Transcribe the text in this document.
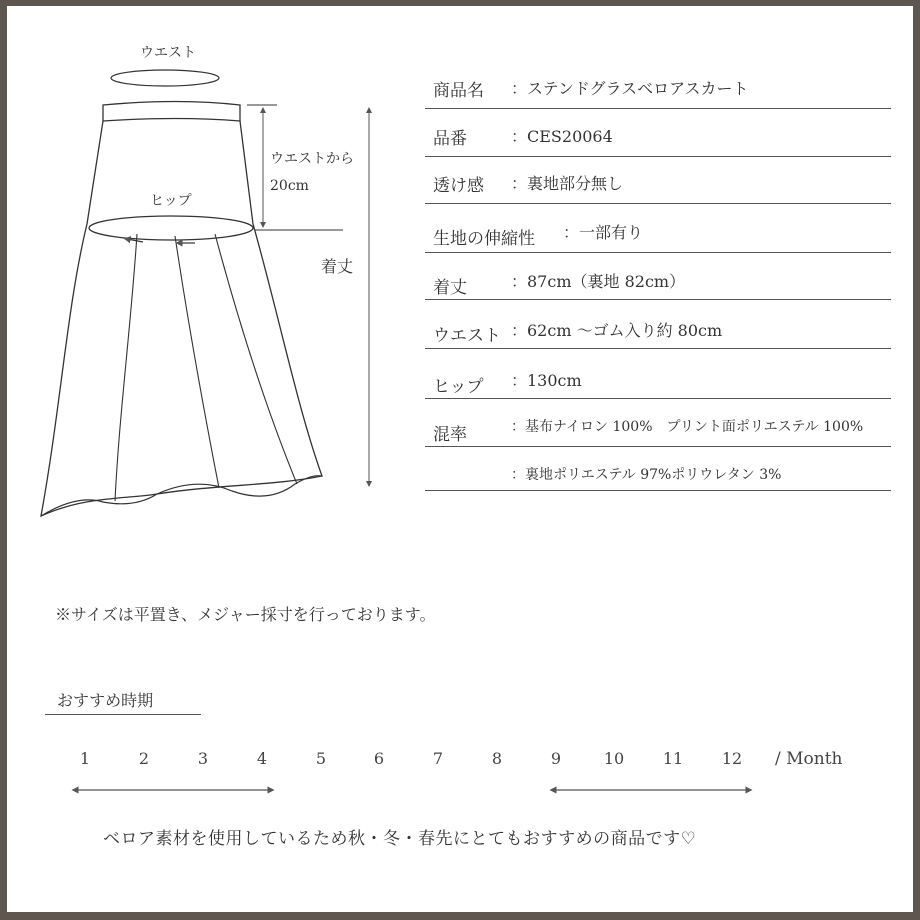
ウエスト
ウエストから
20cm
ヒップ
着丈
商品名 ：ステンドグラスベロアスカート
品番	：CES20064
透け感 ：裏地部分無し
生地の伸縮性 ：一部有り
着丈	：87cm（裏地 82cm）
ウエスト ：62cm ～ゴム入り約 80cm
ヒップ ：130cm
混率	：基布ナイロン 100%　プリント面ポリエステル 100%
：裏地ポリエステル 97%ポリウレタン 3%
※サイズは平置き、メジャー採寸を行っております。
おすすめ時期
1	2	3	4	5	6	7	8	9	10	11	12	/ Month
ベロア素材を使用しているため秋・冬・春先にとてもおすすめの商品です♡
